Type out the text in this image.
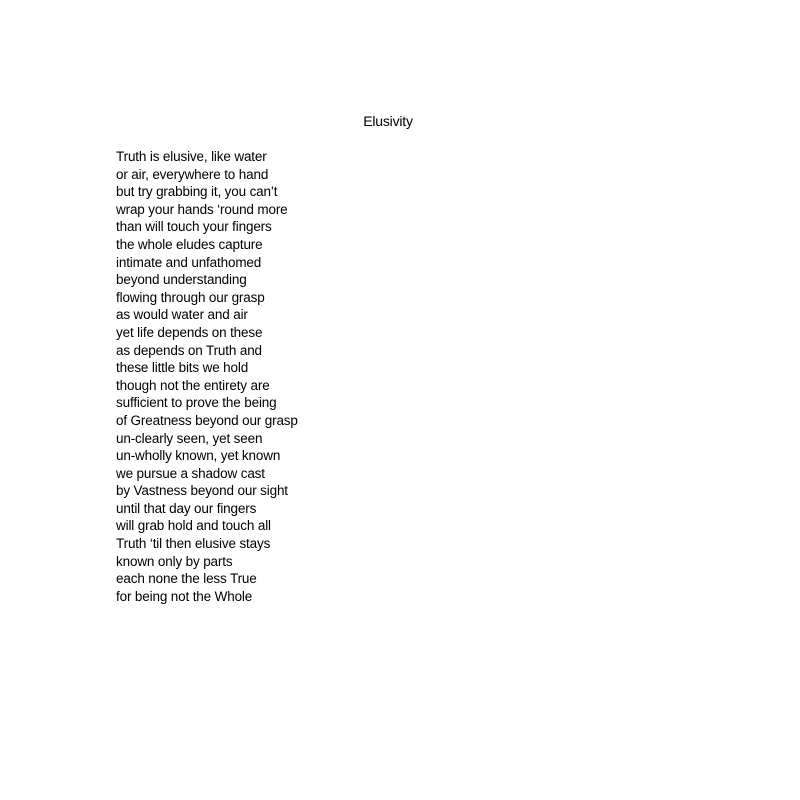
Elusivity
Truth is elusive, like water
or air, everywhere to hand
but try grabbing it, you can’t
wrap your hands ‘round more
than will touch your fingers
the whole eludes capture
intimate and unfathomed
beyond understanding
flowing through our grasp
as would water and air
yet life depends on these
as depends on Truth and
these little bits we hold
though not the entirety are
sufficient to prove the being
of Greatness beyond our grasp
un-clearly seen, yet seen
un-wholly known, yet known
we pursue a shadow cast
by Vastness beyond our sight
until that day our fingers
will grab hold and touch all
Truth ‘til then elusive stays
known only by parts
each none the less True
for being not the Whole
